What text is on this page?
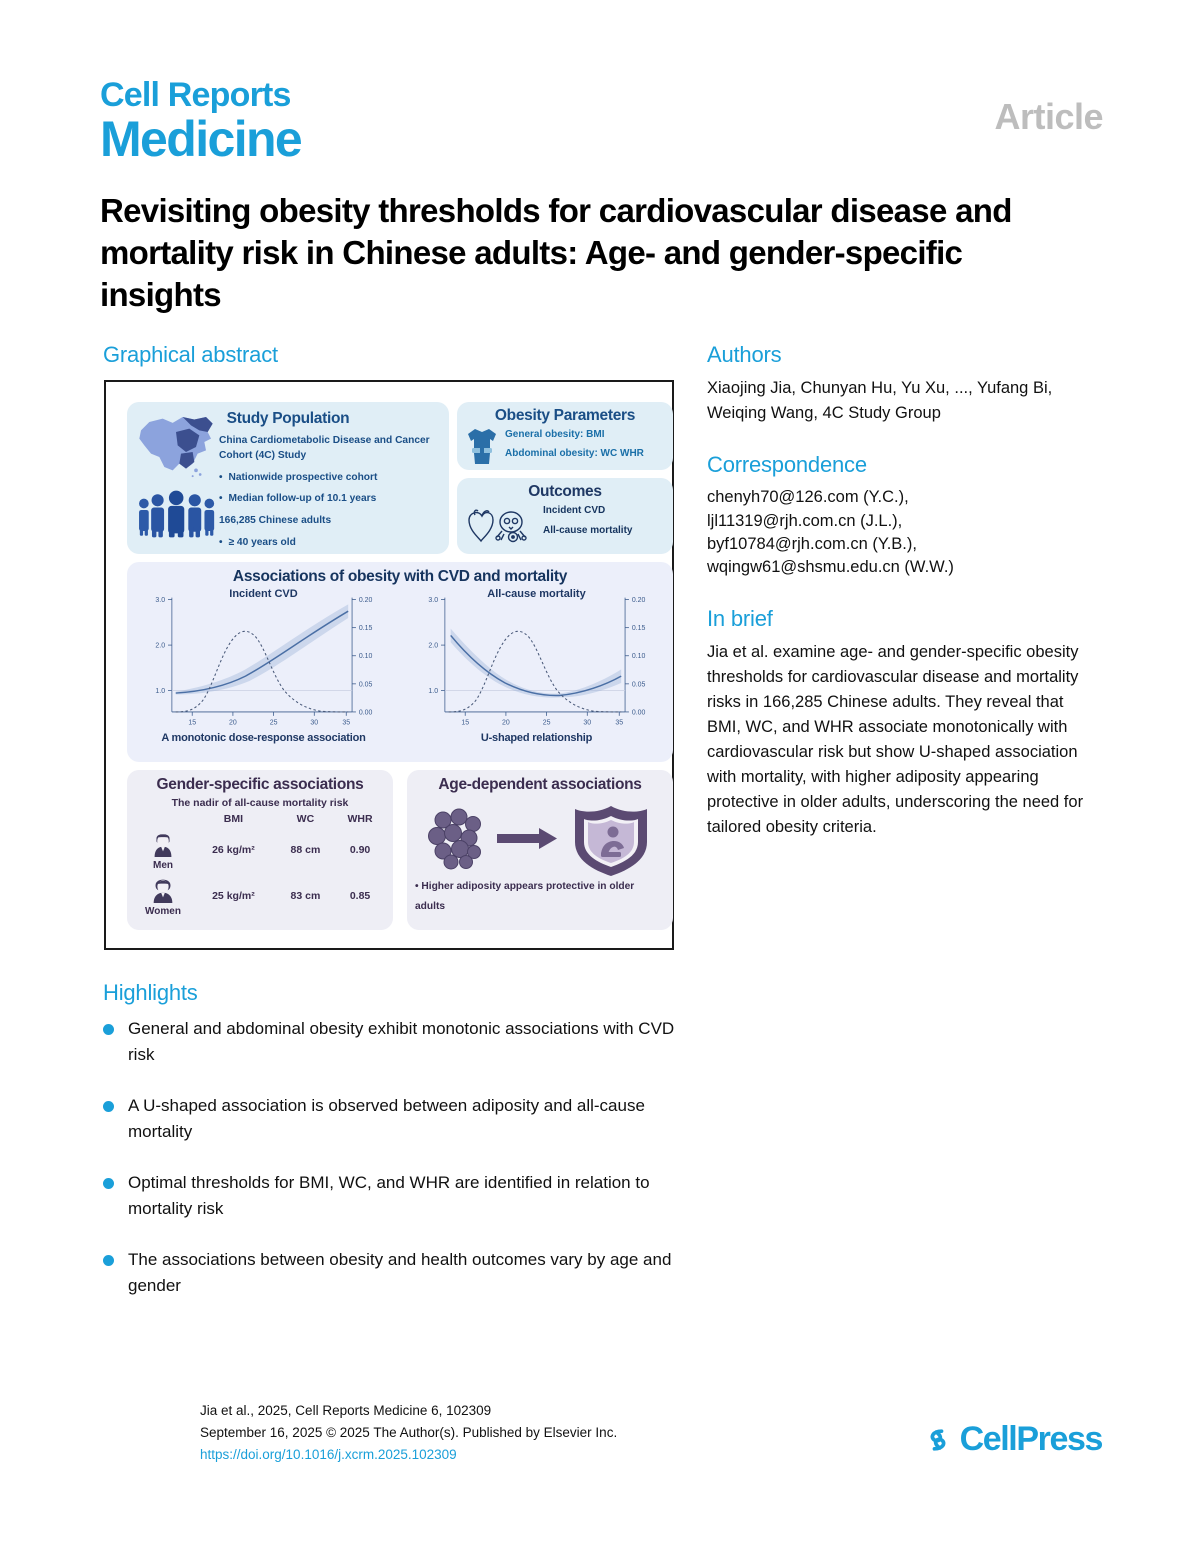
Cell Reports
Medicine	Article
Revisiting obesity thresholds for cardiovascular disease and mortality risk in Chinese adults: Age- and gender-specific insights
Graphical abstract
Study Population
China Cardiometabolic Disease and Cancer Cohort (4C) Study
• Nationwide prospective cohort
• Median follow-up of 10.1 years
166,285 Chinese adults
• ≥ 40 years old
Obesity Parameters
General obesity: BMI
Abdominal obesity: WC WHR
Outcomes
Incident CVD
All-cause mortality
Associations of obesity with CVD and mortality
Incident CVD
3.0
2.0
1.0
0.20
0.15
0.10
0.05
0.00
15	20	25	30	35
A monotonic dose-response association
All-cause mortality
3.0
2.0
1.0
0.20
0.15
0.10
0.05
0.00
15	20	25	30	35
U-shaped relationship
Gender-specific associations
The nadir of all-cause mortality risk
	BMI	WC	WHR

Men	26 kg/m²	88 cm	0.90

Women	25 kg/m²	83 cm	0.85
Age-dependent associations
• Higher adiposity appears protective in older adults
Authors

Xiaojing Jia, Chunyan Hu, Yu Xu, ..., Yufang Bi, Weiqing Wang, 4C Study Group

Correspondence
chenyh70@126.com (Y.C.),
ljl11319@rjh.com.cn (J.L.),
byf10784@rjh.com.cn (Y.B.),
wqingw61@shsmu.edu.cn (W.W.)
In brief

Jia et al. examine age- and gender-specific obesity thresholds for cardiovascular disease and mortality risks in 166,285 Chinese adults. They reveal that BMI, WC, and WHR associate monotonically with cardiovascular risk but show U-shaped association with mortality, with higher adiposity appearing protective in older adults, underscoring the need for tailored obesity criteria.

Highlights
General and abdominal obesity exhibit monotonic associations with CVD risk
A U-shaped association is observed between adiposity and all-cause mortality
Optimal thresholds for BMI, WC, and WHR are identified in relation to mortality risk
The associations between obesity and health outcomes vary by age and gender
Jia et al., 2025, Cell Reports Medicine 6, 102309
September 16, 2025 © 2025 The Author(s). Published by Elsevier Inc.
https://doi.org/10.1016/j.xcrm.2025.102309	CellPress
